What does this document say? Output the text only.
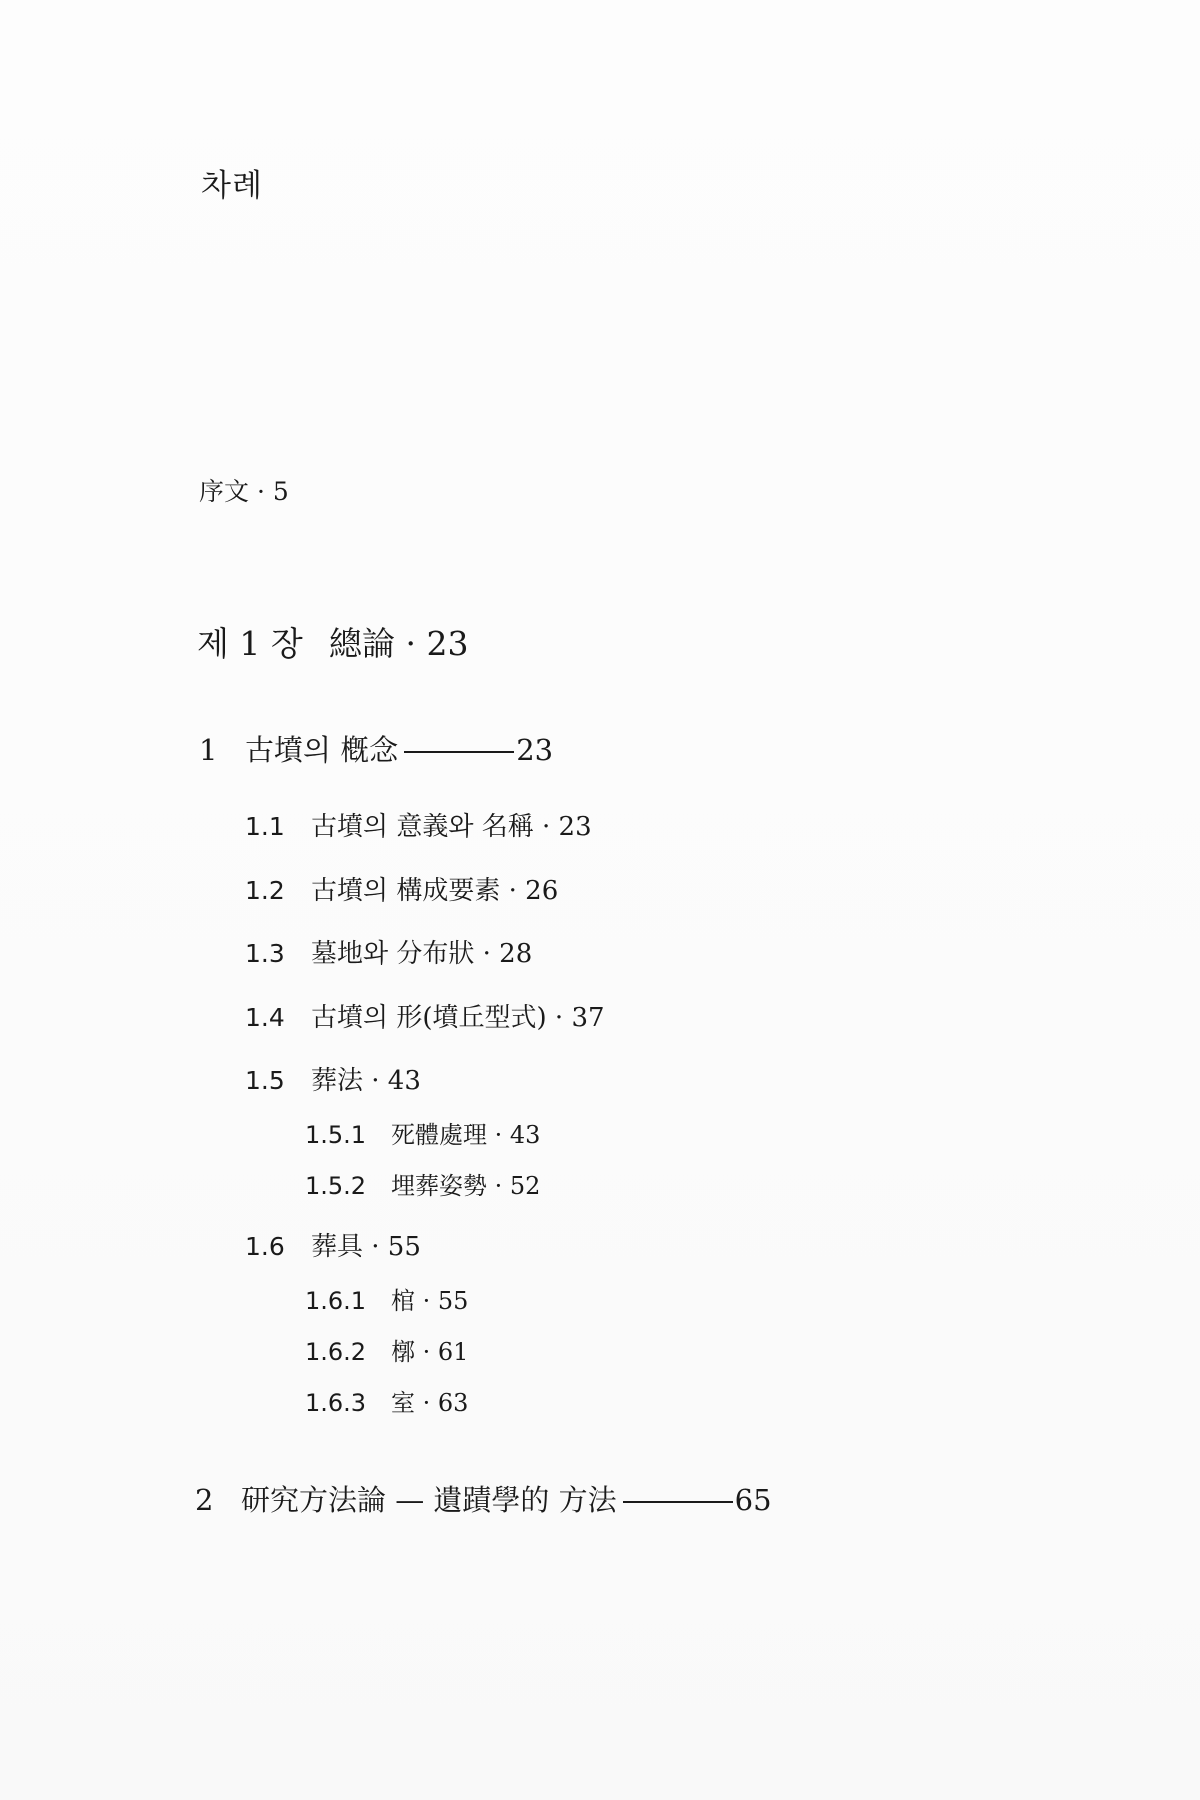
차례
序文 · 5
제 1 장 總論 · 23
1 古墳의 槪念	23
1.1 古墳의 意義와 名稱 · 23
1.2 古墳의 構成要素 · 26
1.3 墓地와 分布狀 · 28
1.4 古墳의 形(墳丘型式) · 37
1.5 葬法 · 43
1.5.1 死體處理 · 43
1.5.2 埋葬姿勢 · 52
1.6 葬具 · 55
1.6.1 棺 · 55
1.6.2 槨 · 61
1.6.3 室 · 63
2 研究方法論 — 遺蹟學的 方法	65
